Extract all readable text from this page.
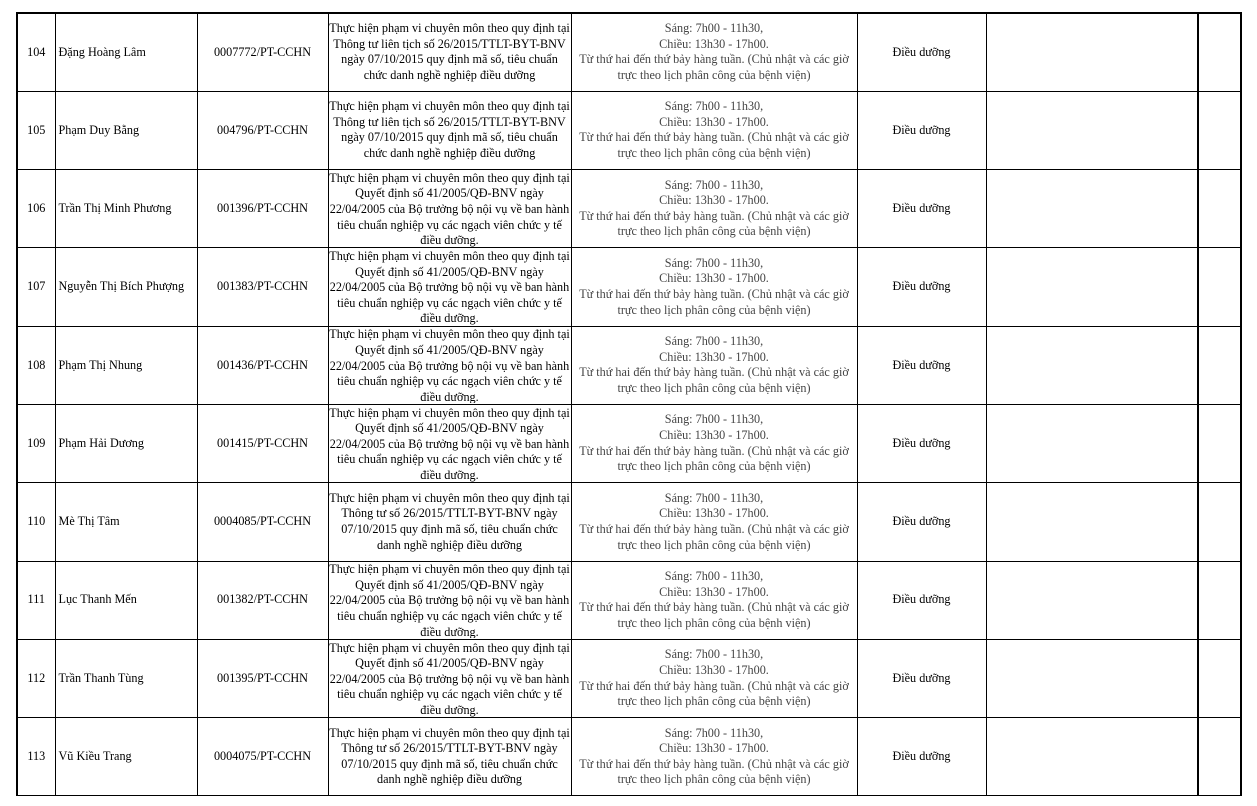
104	Đặng Hoàng Lâm	0007772/PT-CCHN	Thực hiện phạm vi chuyên môn theo quy định tại Thông tư liên tịch số 26/2015/TTLT-BYT-BNV ngày 07/10/2015 quy định mã số, tiêu chuẩn chức danh nghề nghiệp điều dưỡng	Sáng: 7h00 - 11h30,
Chiều: 13h30 - 17h00.
Từ thứ hai đến thứ bảy hàng tuần. (Chủ nhật và các giờ trực theo lịch phân công của bệnh viện)	Điều dưỡng		
105	Phạm Duy Bằng	004796/PT-CCHN	Thực hiện phạm vi chuyên môn theo quy định tại Thông tư liên tịch số 26/2015/TTLT-BYT-BNV ngày 07/10/2015 quy định mã số, tiêu chuẩn chức danh nghề nghiệp điều dưỡng	Sáng: 7h00 - 11h30,
Chiều: 13h30 - 17h00.
Từ thứ hai đến thứ bảy hàng tuần. (Chủ nhật và các giờ trực theo lịch phân công của bệnh viện)	Điều dưỡng		
106	Trần Thị Minh Phương	001396/PT-CCHN	Thực hiện phạm vi chuyên môn theo quy định tại Quyết định số 41/2005/QĐ-BNV ngày 22/04/2005 của Bộ trưởng bộ nội vụ về ban hành tiêu chuẩn nghiệp vụ các ngạch viên chức y tế điều dưỡng.	Sáng: 7h00 - 11h30,
Chiều: 13h30 - 17h00.
Từ thứ hai đến thứ bảy hàng tuần. (Chủ nhật và các giờ trực theo lịch phân công của bệnh viện)	Điều dưỡng		
107	Nguyễn Thị Bích Phượng	001383/PT-CCHN	Thực hiện phạm vi chuyên môn theo quy định tại Quyết định số 41/2005/QĐ-BNV ngày 22/04/2005 của Bộ trưởng bộ nội vụ về ban hành tiêu chuẩn nghiệp vụ các ngạch viên chức y tế điều dưỡng.	Sáng: 7h00 - 11h30,
Chiều: 13h30 - 17h00.
Từ thứ hai đến thứ bảy hàng tuần. (Chủ nhật và các giờ trực theo lịch phân công của bệnh viện)	Điều dưỡng		
108	Phạm Thị Nhung	001436/PT-CCHN	Thực hiện phạm vi chuyên môn theo quy định tại Quyết định số 41/2005/QĐ-BNV ngày 22/04/2005 của Bộ trưởng bộ nội vụ về ban hành tiêu chuẩn nghiệp vụ các ngạch viên chức y tế điều dưỡng.	Sáng: 7h00 - 11h30,
Chiều: 13h30 - 17h00.
Từ thứ hai đến thứ bảy hàng tuần. (Chủ nhật và các giờ trực theo lịch phân công của bệnh viện)	Điều dưỡng		
109	Phạm Hải Dương	001415/PT-CCHN	Thực hiện phạm vi chuyên môn theo quy định tại Quyết định số 41/2005/QĐ-BNV ngày 22/04/2005 của Bộ trưởng bộ nội vụ về ban hành tiêu chuẩn nghiệp vụ các ngạch viên chức y tế điều dưỡng.	Sáng: 7h00 - 11h30,
Chiều: 13h30 - 17h00.
Từ thứ hai đến thứ bảy hàng tuần. (Chủ nhật và các giờ trực theo lịch phân công của bệnh viện)	Điều dưỡng		
110	Mè Thị Tâm	0004085/PT-CCHN	Thực hiện phạm vi chuyên môn theo quy định tại Thông tư số 26/2015/TTLT-BYT-BNV ngày 07/10/2015 quy định mã số, tiêu chuẩn chức danh nghề nghiệp điều dưỡng	Sáng: 7h00 - 11h30,
Chiều: 13h30 - 17h00.
Từ thứ hai đến thứ bảy hàng tuần. (Chủ nhật và các giờ trực theo lịch phân công của bệnh viện)	Điều dưỡng		
111	Lục Thanh Mến	001382/PT-CCHN	Thực hiện phạm vi chuyên môn theo quy định tại Quyết định số 41/2005/QĐ-BNV ngày 22/04/2005 của Bộ trưởng bộ nội vụ về ban hành tiêu chuẩn nghiệp vụ các ngạch viên chức y tế điều dưỡng.	Sáng: 7h00 - 11h30,
Chiều: 13h30 - 17h00.
Từ thứ hai đến thứ bảy hàng tuần. (Chủ nhật và các giờ trực theo lịch phân công của bệnh viện)	Điều dưỡng		
112	Trần Thanh Tùng	001395/PT-CCHN	Thực hiện phạm vi chuyên môn theo quy định tại Quyết định số 41/2005/QĐ-BNV ngày 22/04/2005 của Bộ trưởng bộ nội vụ về ban hành tiêu chuẩn nghiệp vụ các ngạch viên chức y tế điều dưỡng.	Sáng: 7h00 - 11h30,
Chiều: 13h30 - 17h00.
Từ thứ hai đến thứ bảy hàng tuần. (Chủ nhật và các giờ trực theo lịch phân công của bệnh viện)	Điều dưỡng		
113	Vũ Kiều Trang	0004075/PT-CCHN	Thực hiện phạm vi chuyên môn theo quy định tại Thông tư số 26/2015/TTLT-BYT-BNV ngày 07/10/2015 quy định mã số, tiêu chuẩn chức danh nghề nghiệp điều dưỡng	Sáng: 7h00 - 11h30,
Chiều: 13h30 - 17h00.
Từ thứ hai đến thứ bảy hàng tuần. (Chủ nhật và các giờ trực theo lịch phân công của bệnh viện)	Điều dưỡng		
